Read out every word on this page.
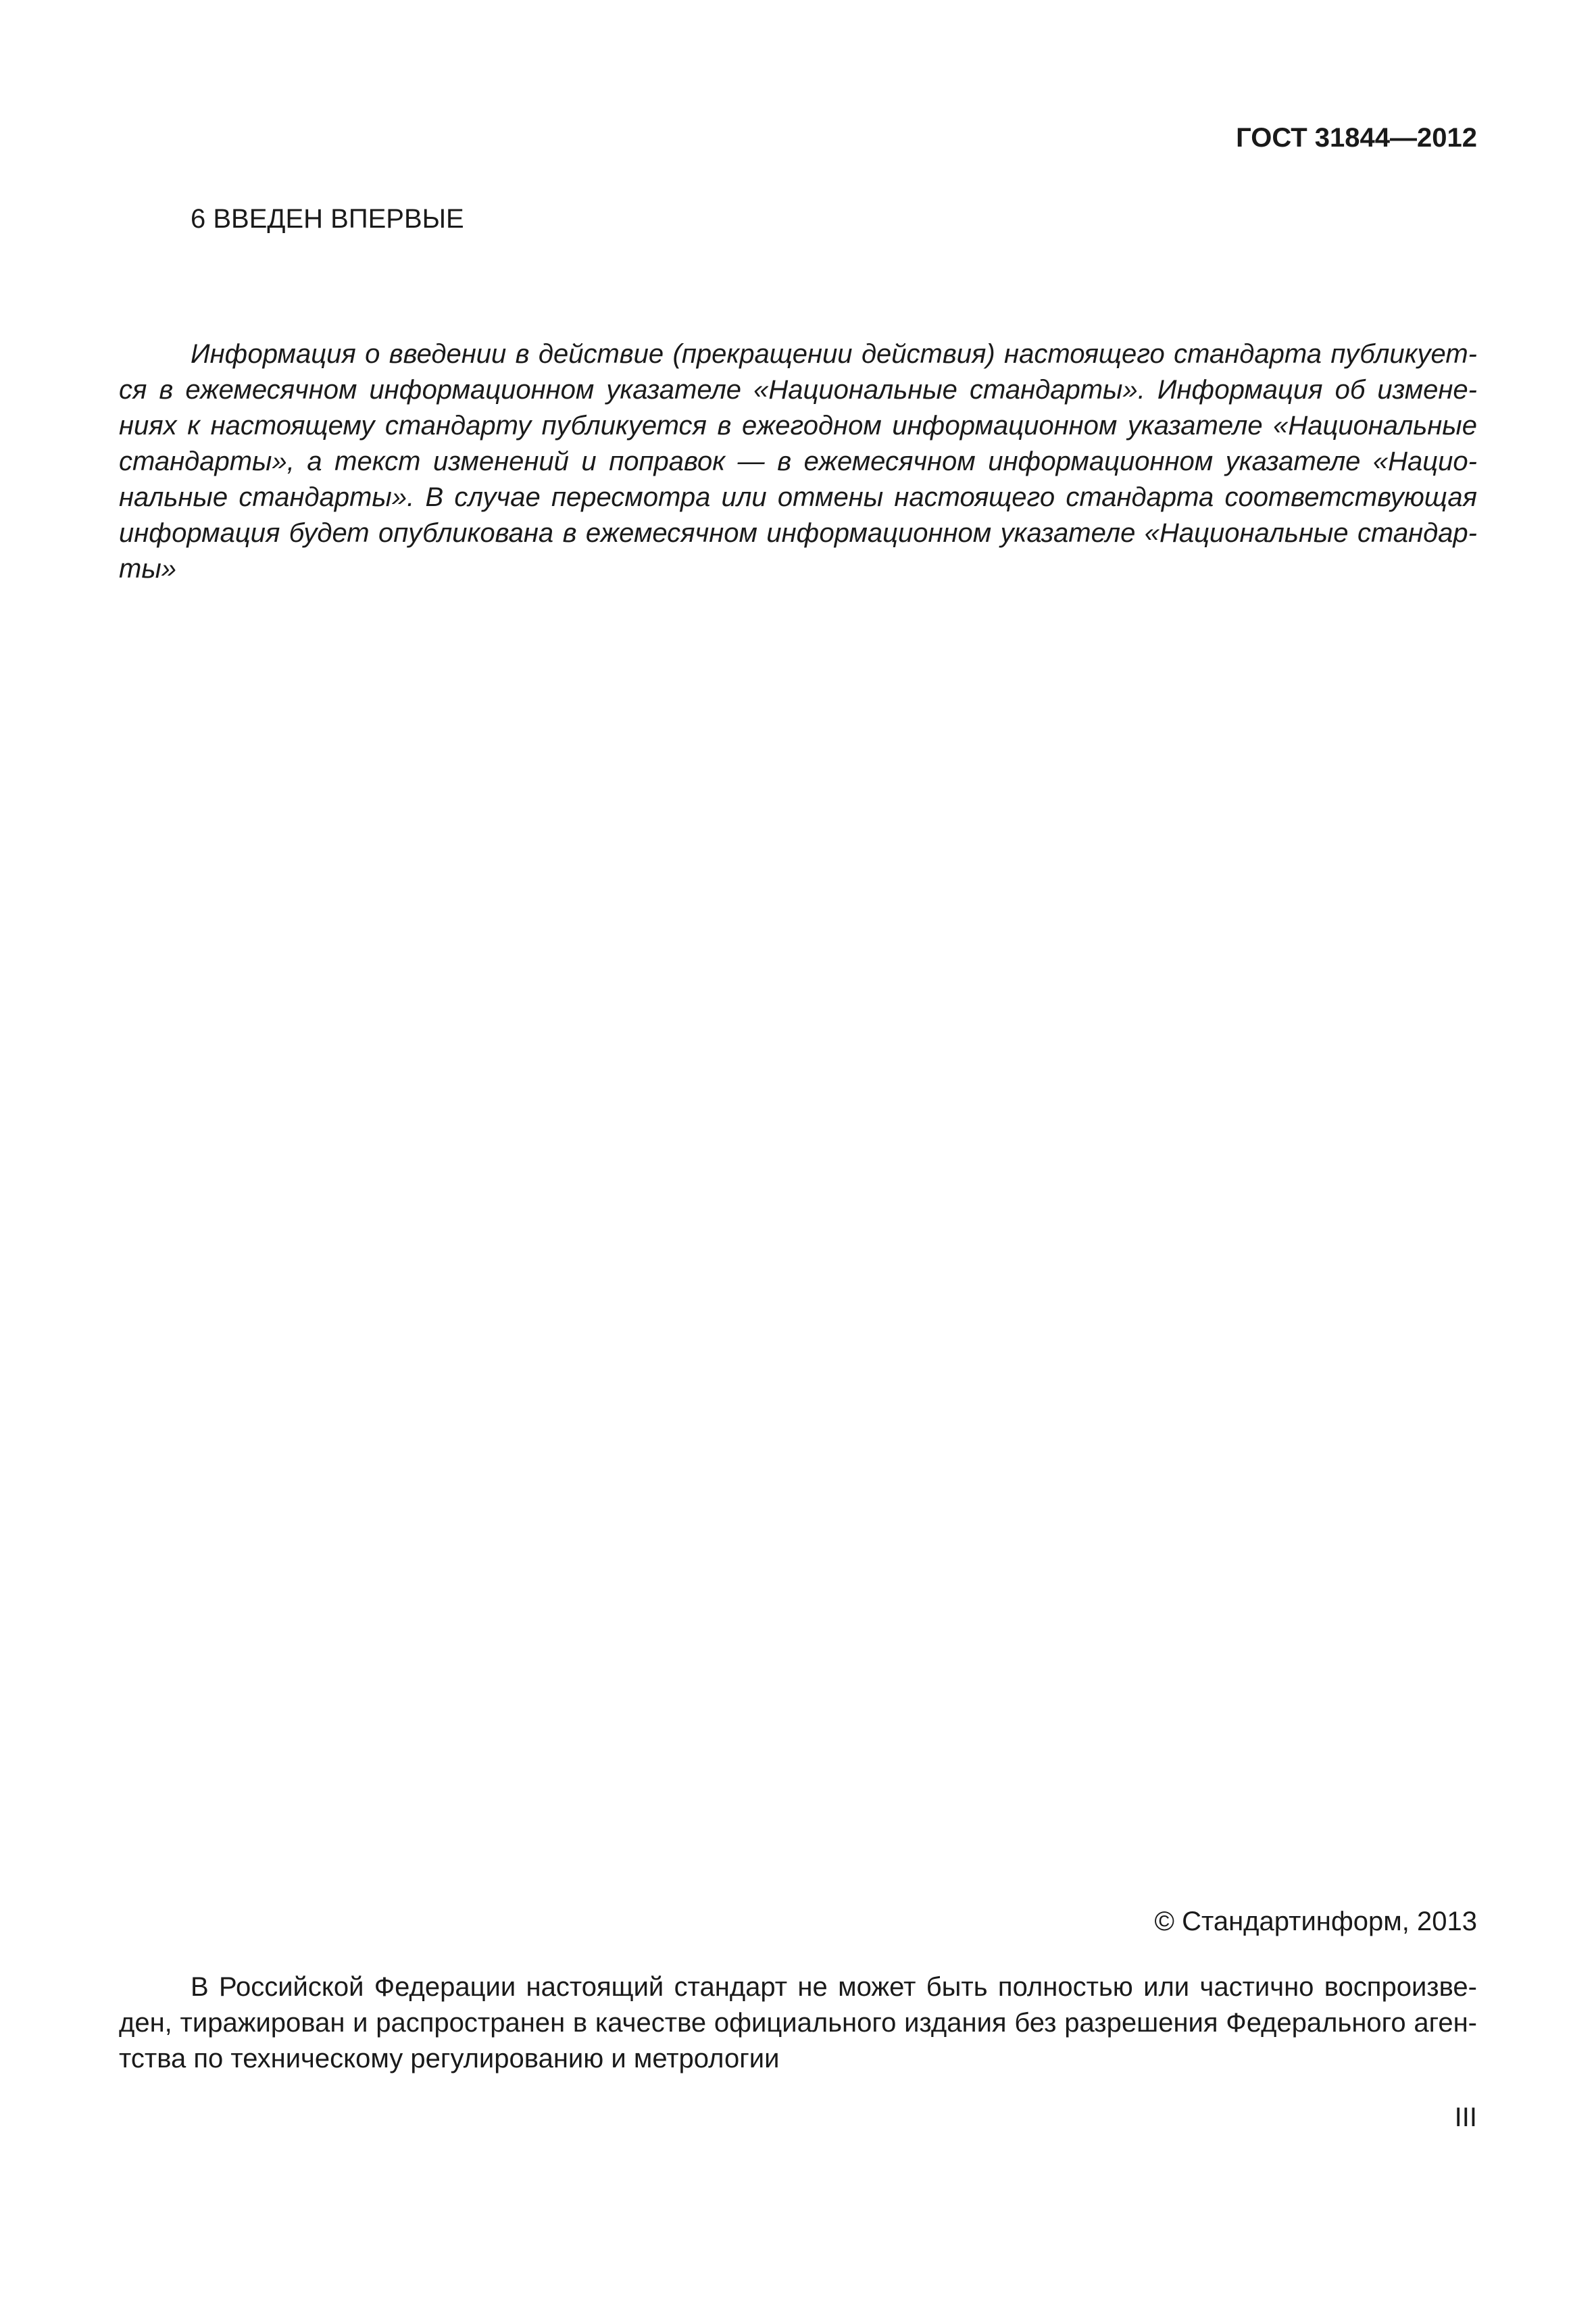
ГОСТ 31844—2012
6 ВВЕДЕН ВПЕРВЫЕ
Информация о введении в действие (прекращении действия) настоящего стандарта публикует-
ся в ежемесячном информационном указателе «Национальные стандарты». Информация об измене-
ниях к настоящему стандарту публикуется в ежегодном информационном указателе «Национальные
стандарты», а текст изменений и поправок — в ежемесячном информационном указателе «Нацио-
нальные стандарты». В случае пересмотра или отмены настоящего стандарта соответствующая
информация будет опубликована в ежемесячном информационном указателе «Национальные стандар-
ты»
© Стандартинформ, 2013
В Российской Федерации настоящий стандарт не может быть полностью или частично воспроизве-
ден, тиражирован и распространен в качестве официального издания без разрешения Федерального аген-
тства по техническому регулированию и метрологии
III
